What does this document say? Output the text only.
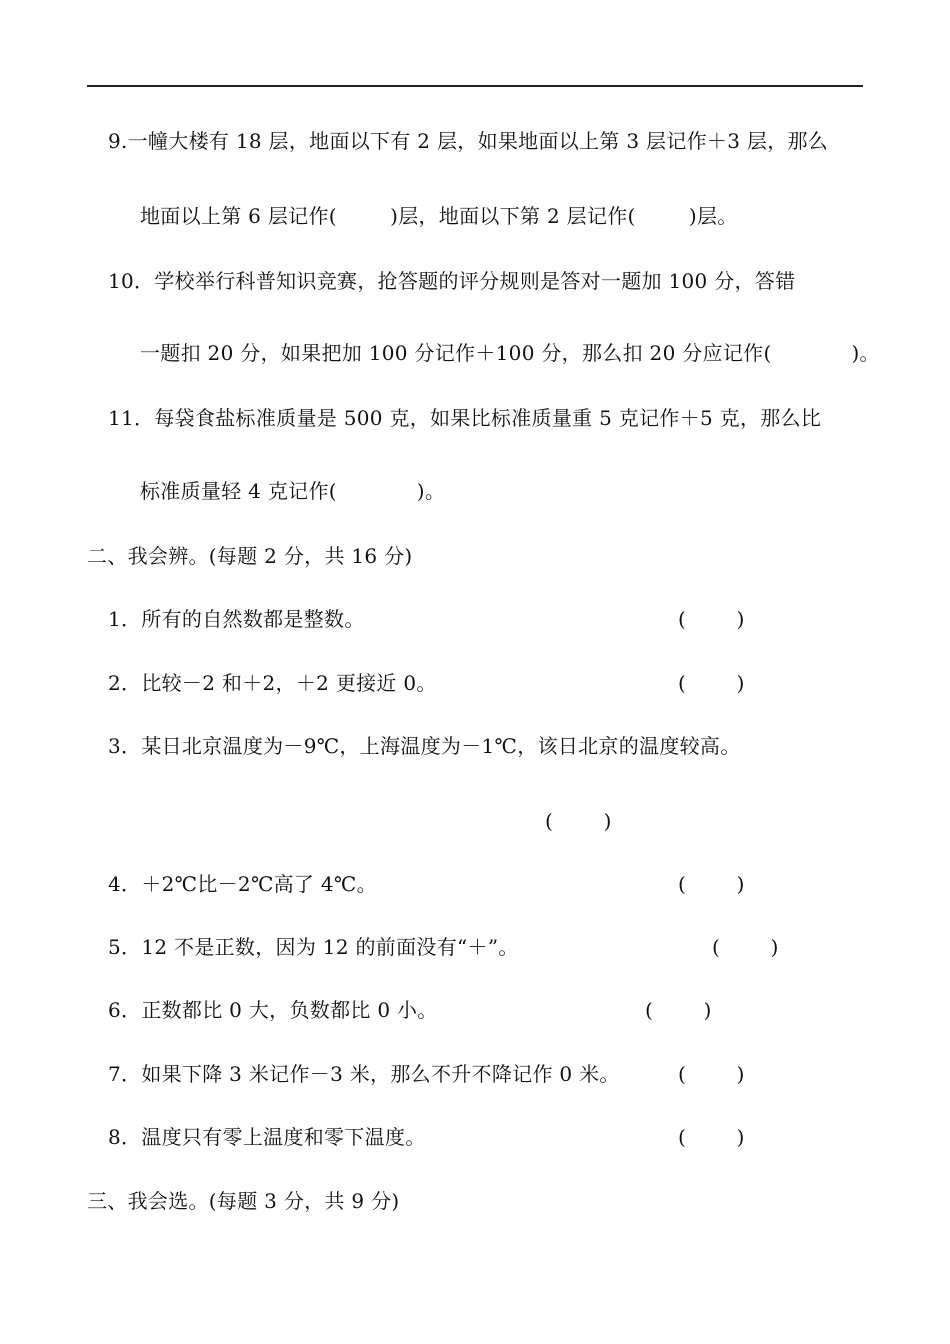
9.一幢大楼有 18 层，地面以下有 2 层，如果地面以上第 3 层记作＋3 层，那么
地面以上第 6 层记作(        )层，地面以下第 2 层记作(        )层。
10．学校举行科普知识竞赛，抢答题的评分规则是答对一题加 100 分，答错
一题扣 20 分，如果把加 100 分记作＋100 分，那么扣 20 分应记作(            )。
11．每袋食盐标准质量是 500 克，如果比标准质量重 5 克记作＋5 克，那么比
标准质量轻 4 克记作(            )。
二、我会辨。(每题 2 分，共 16 分)
1．所有的自然数都是整数。	(        )
2．比较－2 和＋2，＋2 更接近 0。	(        )
3．某日北京温度为－9℃，上海温度为－1℃，该日北京的温度较高。
(        )
4．＋2℃比－2℃高了 4℃。	(        )
5．12 不是正数，因为 12 的前面没有“＋”。	(        )
6．正数都比 0 大，负数都比 0 小。	(        )
7．如果下降 3 米记作－3 米，那么不升不降记作 0 米。	(        )
8．温度只有零上温度和零下温度。	(        )
三、我会选。(每题 3 分，共 9 分)
